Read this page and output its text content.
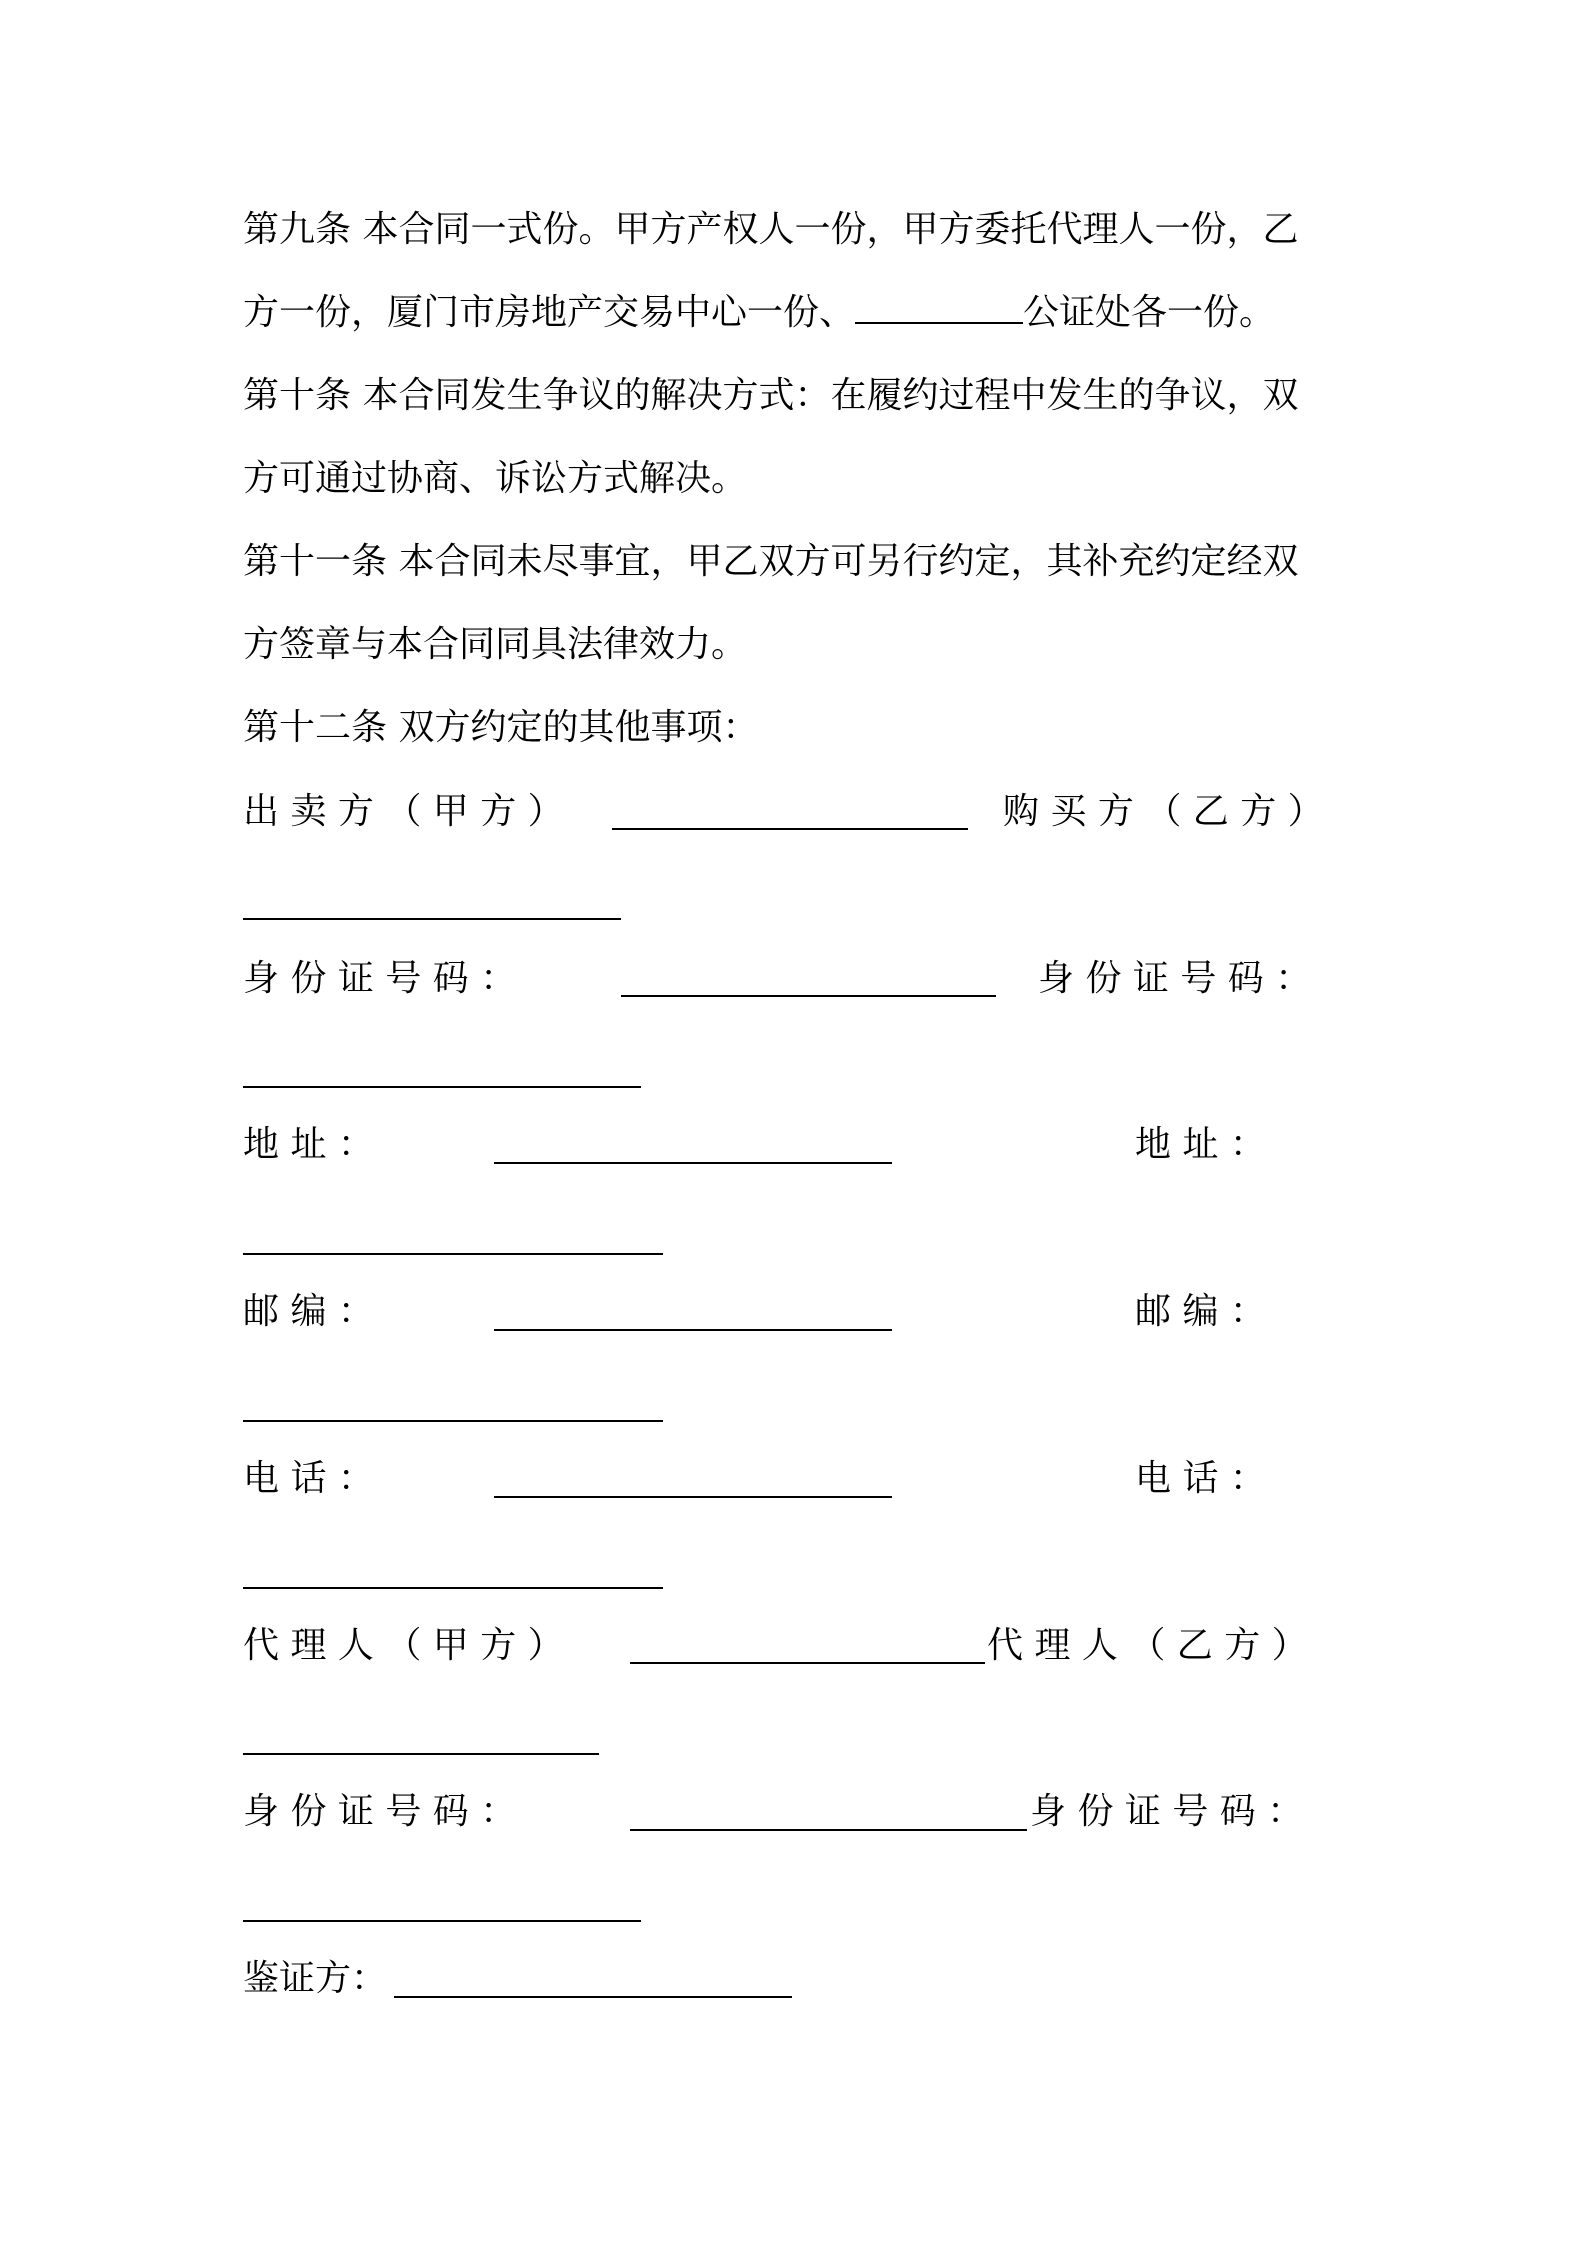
第九条 本合同一式份。甲方产权人一份，甲方委托代理人一份，乙
方一份，厦门市房地产交易中心一份、	公证处各一份。
第十条 本合同发生争议的解决方式：在履约过程中发生的争议，双
方可通过协商、诉讼方式解决。
第十一条 本合同未尽事宜，甲乙双方可另行约定，其补充约定经双
方签章与本合同同具法律效力。
第十二条 双方约定的其他事项：
出 卖 方 （ 甲 方 ）	购 买 方 （ 乙 方 ）
身 份 证 号 码 ：	身 份 证 号 码 ：
地 址 ：	地 址 ：
邮 编 ：	邮 编 ：
电 话 ：	电 话 ：
代 理 人 （ 甲 方 ）	代 理 人 （ 乙 方 ）
身 份 证 号 码 ：	身 份 证 号 码 ：
鉴证方：
